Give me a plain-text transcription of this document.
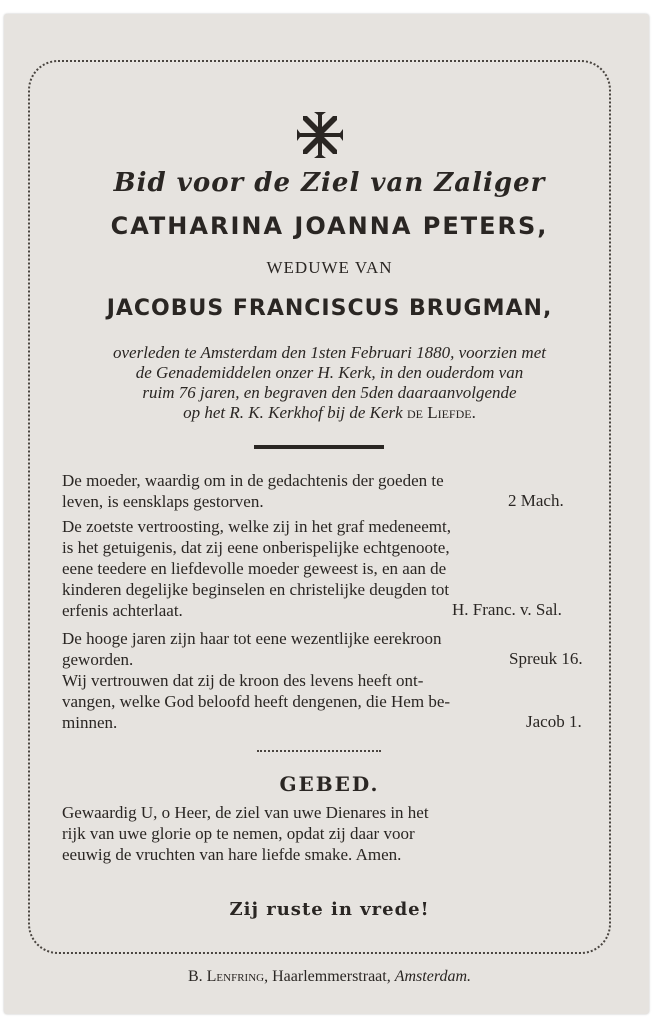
Bid voor de Ziel van Zaliger
CATHARINA JOANNA PETERS,
WEDUWE VAN
JACOBUS FRANCISCUS BRUGMAN,
overleden te Amsterdam den 1sten Februari 1880, voorzien met
de Genademiddelen onzer H. Kerk, in den ouderdom van
ruim 76 jaren, en begraven den 5den daaraanvolgende
op het R. K. Kerkhof bij de Kerk de Liefde.
De moeder, waardig om in de gedachtenis der goeden te
leven, is eensklaps gestorven.	2 Mach.
De zoetste vertroosting, welke zij in het graf medeneemt,
is het getuigenis, dat zij eene onberispelijke echtgenoote,
eene teedere en liefdevolle moeder geweest is, en aan de
kinderen degelijke beginselen en christelijke deugden tot
erfenis achterlaat.	H. Franc. v. Sal.
De hooge jaren zijn haar tot eene wezentlijke eerekroon
geworden.	Spreuk 16.
Wij vertrouwen dat zij de kroon des levens heeft ont-
vangen, welke God beloofd heeft dengenen, die Hem be-
minnen.	Jacob 1.
GEBED.
Gewaardig U, o Heer, de ziel van uwe Dienares in het
rijk van uwe glorie op te nemen, opdat zij daar voor
eeuwig de vruchten van hare liefde smake. Amen.
Zij ruste in vrede!
B. Lenfring, Haarlemmerstraat, Amsterdam.
